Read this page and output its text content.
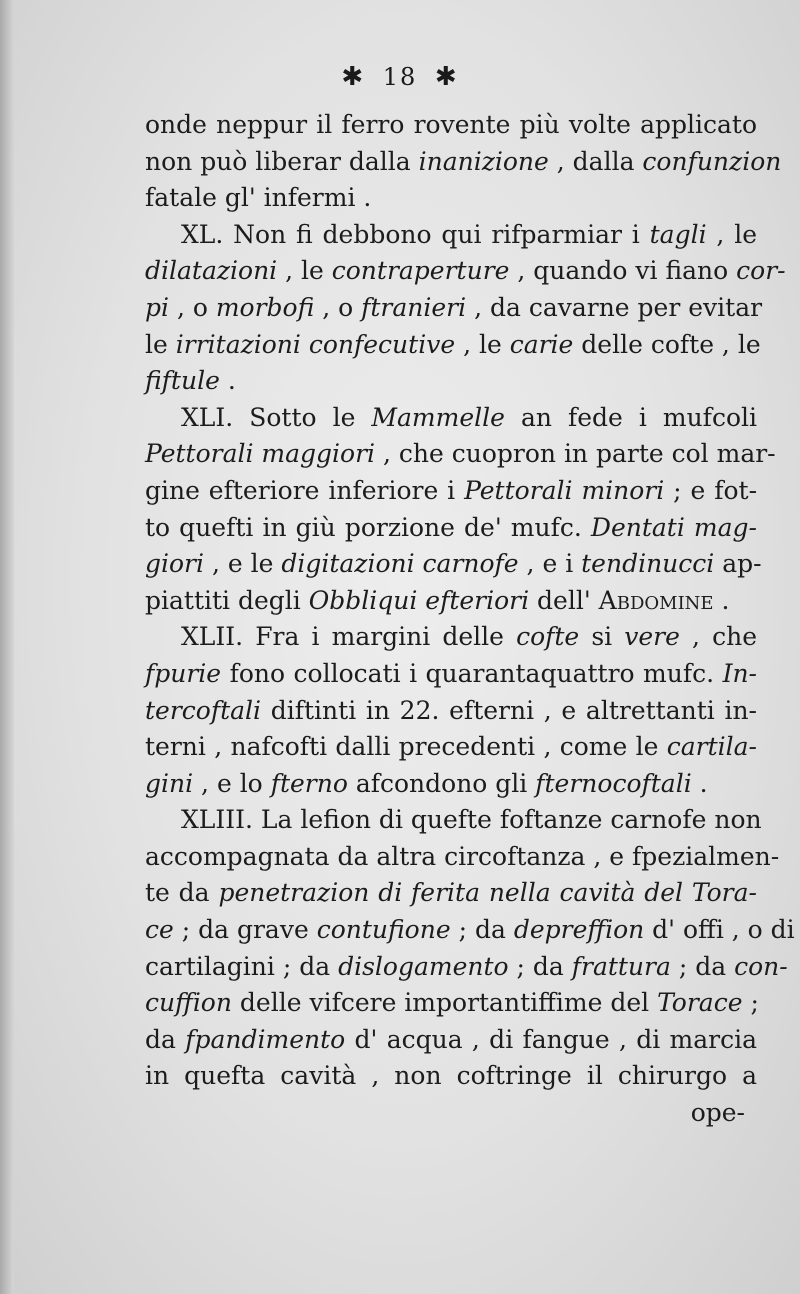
✱ 18 ✱
onde neppur il ferro rovente più volte applicato
non può liberar dalla inanizione , dalla confunzion
fatale gl' infermi .
XL. Non fi debbono qui rifparmiar i tagli , le
dilatazioni , le contraperture , quando vi fiano cor-
pi , o morbofi , o ftranieri , da cavarne per evitar
le irritazioni confecutive , le carie delle cofte , le
fiftule .
XLI. Sotto le Mammelle an fede i mufcoli
Pettorali maggiori , che cuopron in parte col mar-
gine efteriore inferiore i Pettorali minori ; e fot-
to quefti in giù porzione de' mufc. Dentati mag-
giori , e le digitazioni carnofe , e i tendinucci ap-
piattiti degli Obbliqui efteriori dell' Abdomine .
XLII. Fra i margini delle cofte si vere , che
fpurie fono collocati i quarantaquattro mufc. In-
tercoftali diftinti in 22. efterni , e altrettanti in-
terni , nafcofti dalli precedenti , come le cartila-
gini , e lo fterno afcondono gli fternocoftali .
XLIII. La lefion di quefte foftanze carnofe non
accompagnata da altra circoftanza , e fpezialmen-
te da penetrazion di ferita nella cavità del Tora-
ce ; da grave contufione ; da depreffion d' offi , o di
cartilagini ; da dislogamento ; da frattura ; da con-
cuffion delle vifcere importantiffime del Torace ;
da fpandimento d' acqua , di fangue , di marcia
in quefta cavità , non coftringe il chirurgo a
ope-
